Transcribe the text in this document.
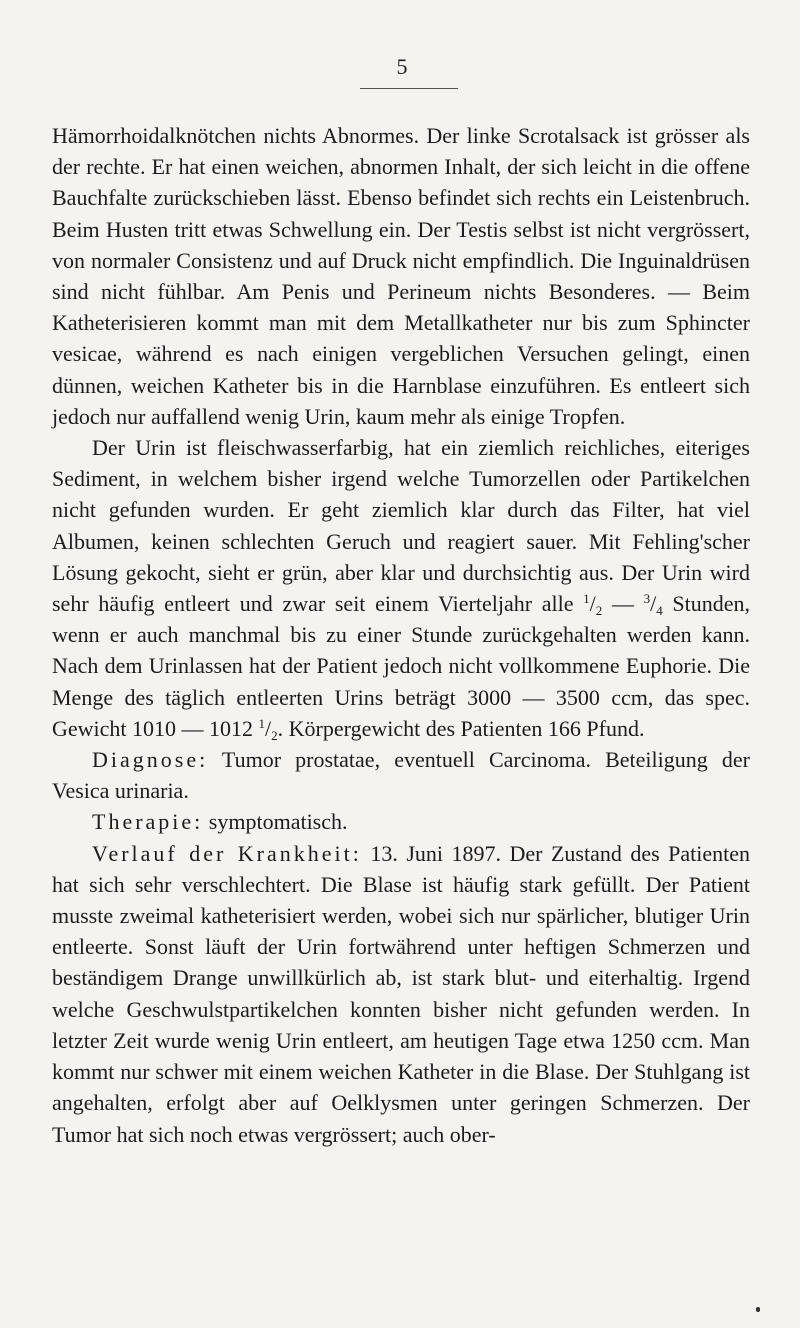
5

Hämorrhoidalknötchen nichts Abnormes. Der linke Scrotalsack ist grösser als der rechte. Er hat einen weichen, abnormen Inhalt, der sich leicht in die offene Bauchfalte zurückschieben lässt. Ebenso befindet sich rechts ein Leistenbruch. Beim Husten tritt etwas Schwellung ein. Der Testis selbst ist nicht vergrössert, von normaler Consistenz und auf Druck nicht empfindlich. Die Inguinaldrüsen sind nicht fühlbar. Am Penis und Perineum nichts Besonderes. — Beim Katheterisieren kommt man mit dem Metallkatheter nur bis zum Sphincter vesicae, während es nach einigen vergeblichen Versuchen gelingt, einen dünnen, weichen Katheter bis in die Harnblase einzuführen. Es entleert sich jedoch nur auffallend wenig Urin, kaum mehr als einige Tropfen.

Der Urin ist fleischwasserfarbig, hat ein ziemlich reichliches, eiteriges Sediment, in welchem bisher irgend welche Tumorzellen oder Partikelchen nicht gefunden wurden. Er geht ziemlich klar durch das Filter, hat viel Albumen, keinen schlechten Geruch und reagiert sauer. Mit Fehling'scher Lösung gekocht, sieht er grün, aber klar und durchsichtig aus. Der Urin wird sehr häufig entleert und zwar seit einem Vierteljahr alle $^1/_2$ — $^3/_4$ Stunden, wenn er auch manchmal bis zu einer Stunde zurückgehalten werden kann. Nach dem Urinlassen hat der Patient jedoch nicht vollkommene Euphorie. Die Menge des täglich entleerten Urins beträgt 3000 — 3500 ccm, das spec. Gewicht 1010 — 1012 $^1/_2$. Körpergewicht des Patienten 166 Pfund.

Diagnose: Tumor prostatae, eventuell Carcinoma. Beteiligung der Vesica urinaria.

Therapie: symptomatisch.

Verlauf der Krankheit: 13. Juni 1897. Der Zustand des Patienten hat sich sehr verschlechtert. Die Blase ist häufig stark gefüllt. Der Patient musste zweimal katheterisiert werden, wobei sich nur spärlicher, blutiger Urin entleerte. Sonst läuft der Urin fortwährend unter heftigen Schmerzen und beständigem Drange unwillkürlich ab, ist stark blut- und eiterhaltig. Irgend welche Geschwulstpartikelchen konnten bisher nicht gefunden werden. In letzter Zeit wurde wenig Urin entleert, am heutigen Tage etwa 1250 ccm. Man kommt nur schwer mit einem weichen Katheter in die Blase. Der Stuhlgang ist angehalten, erfolgt aber auf Oelklysmen unter geringen Schmerzen. Der Tumor hat sich noch etwas vergrössert; auch ober-
